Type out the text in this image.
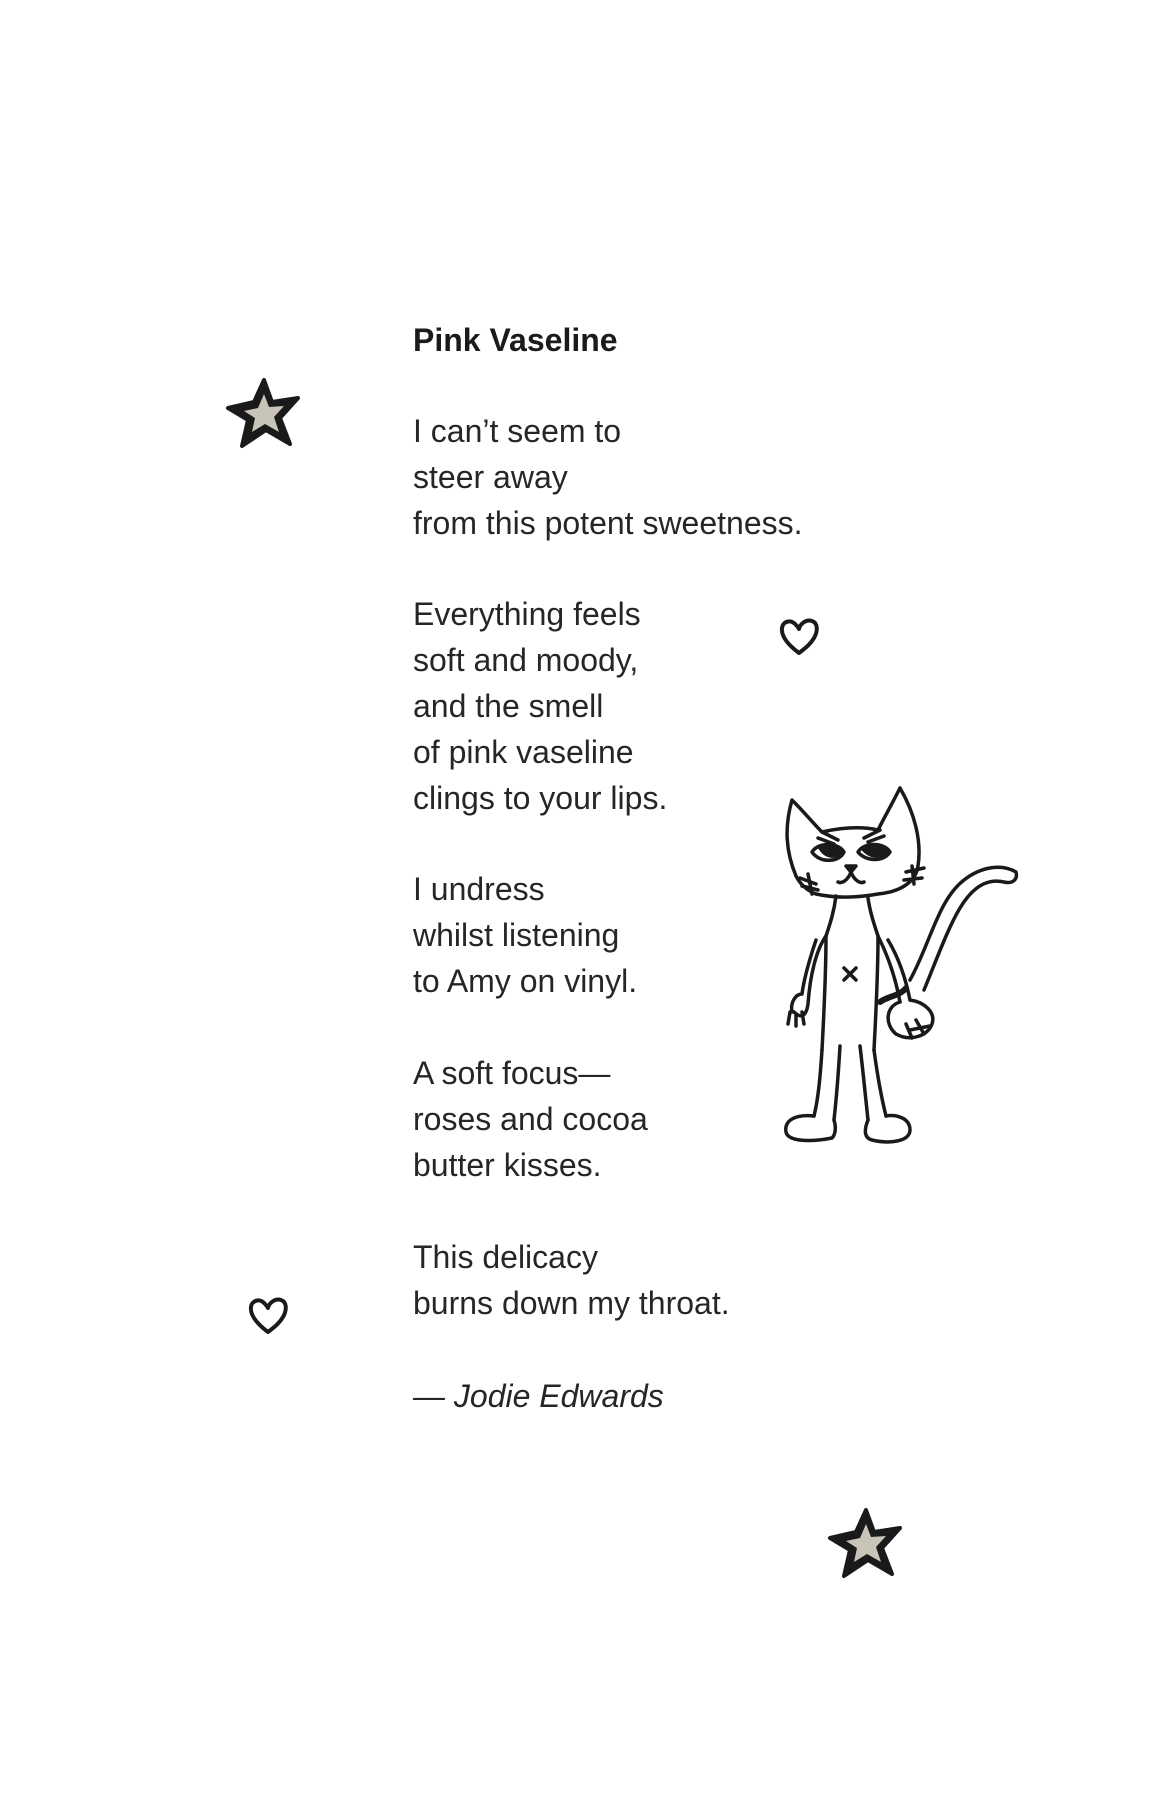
Pink Vaseline
I can’t seem to
steer away
from this potent sweetness.
Everything feels
soft and moody,
and the smell
of pink vaseline
clings to your lips.
I undress
whilst listening
to Amy on vinyl.
A soft focus—
roses and cocoa
butter kisses.
This delicacy
burns down my throat.
— Jodie Edwards
